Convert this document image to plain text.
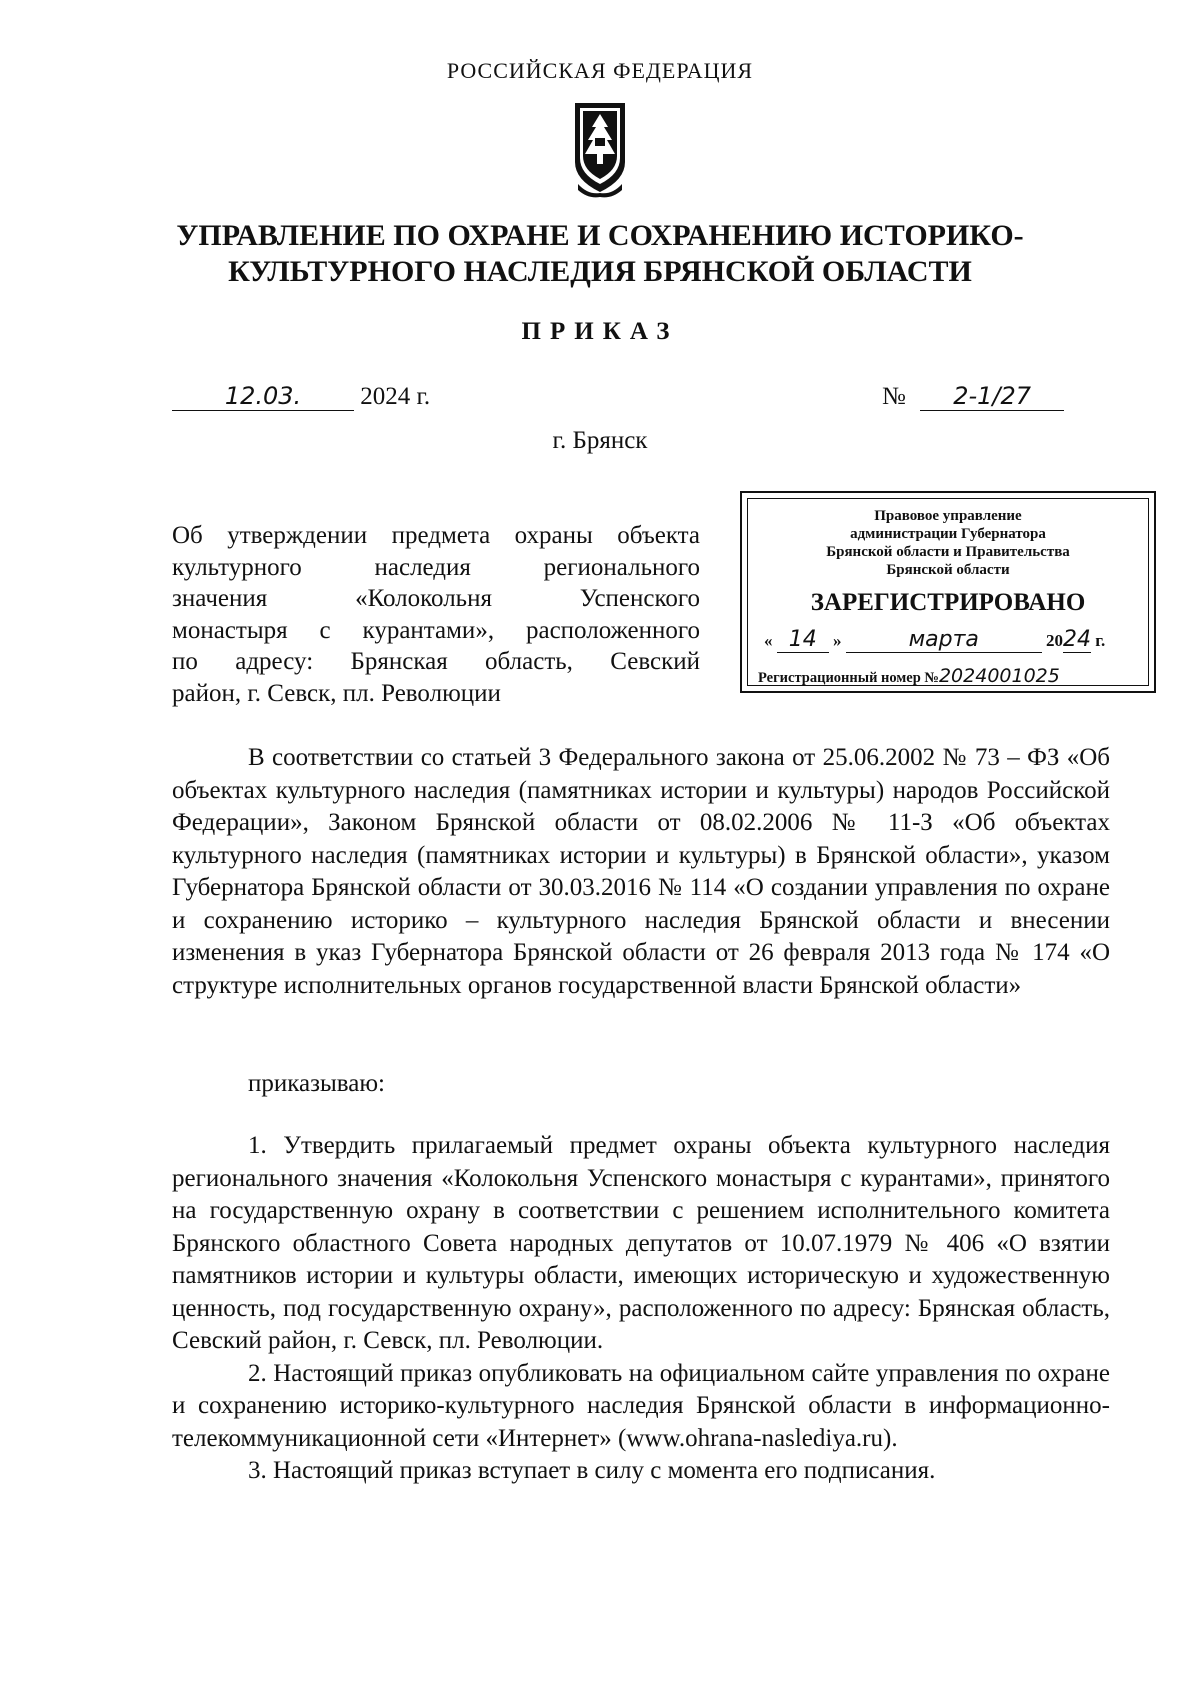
РОССИЙСКАЯ ФЕДЕРАЦИЯ
УПРАВЛЕНИЕ ПО ОХРАНЕ И СОХРАНЕНИЮ ИСТОРИКО-
КУЛЬТУРНОГО НАСЛЕДИЯ БРЯНСКОЙ ОБЛАСТИ
ПРИКАЗ
12.03. 2024 г.	№ 2-1/27
г. Брянск
Об утверждении предмета охраны объекта
культурного наследия регионального
значения «Колокольня Успенского
монастыря с курантами», расположенного
по адресу: Брянская область, Севский
район, г. Севск, пл. Революции
Правовое управление
администрации Губернатора
Брянской области и Правительства
Брянской области
ЗАРЕГИСТРИРОВАНО
« 14 »	марта	2024 г.
Регистрационный номер №2024001025

В соответствии со статьей 3 Федерального закона от 25.06.2002 № 73 – ФЗ «Об объектах культурного наследия (памятниках истории и культуры) народов Российской Федерации», Законом Брянской области от 08.02.2006 № 11-З «Об объектах культурного наследия (памятниках истории и культуры) в Брянской области», указом Губернатора Брянской области от 30.03.2016 № 114 «О создании управления по охране и сохранению историко – культурного наследия Брянской области и внесении изменения в указ Губернатора Брянской области от 26 февраля 2013 года № 174 «О структуре исполнительных органов государственной власти Брянской области»

приказываю:

1. Утвердить прилагаемый предмет охраны объекта культурного наследия регионального значения «Колокольня Успенского монастыря с курантами», принятого на государственную охрану в соответствии с решением исполнительного комитета Брянского областного Совета народных депутатов от 10.07.1979 № 406 «О взятии памятников истории и культуры области, имеющих историческую и художественную ценность, под государственную охрану», расположенного по адресу: Брянская область, Севский район, г. Севск, пл. Революции.

2. Настоящий приказ опубликовать на официальном сайте управления по охране и сохранению историко-культурного наследия Брянской области в информационно-телекоммуникационной сети «Интернет» (www.ohrana-naslediya.ru).

3. Настоящий приказ вступает в силу с момента его подписания.
